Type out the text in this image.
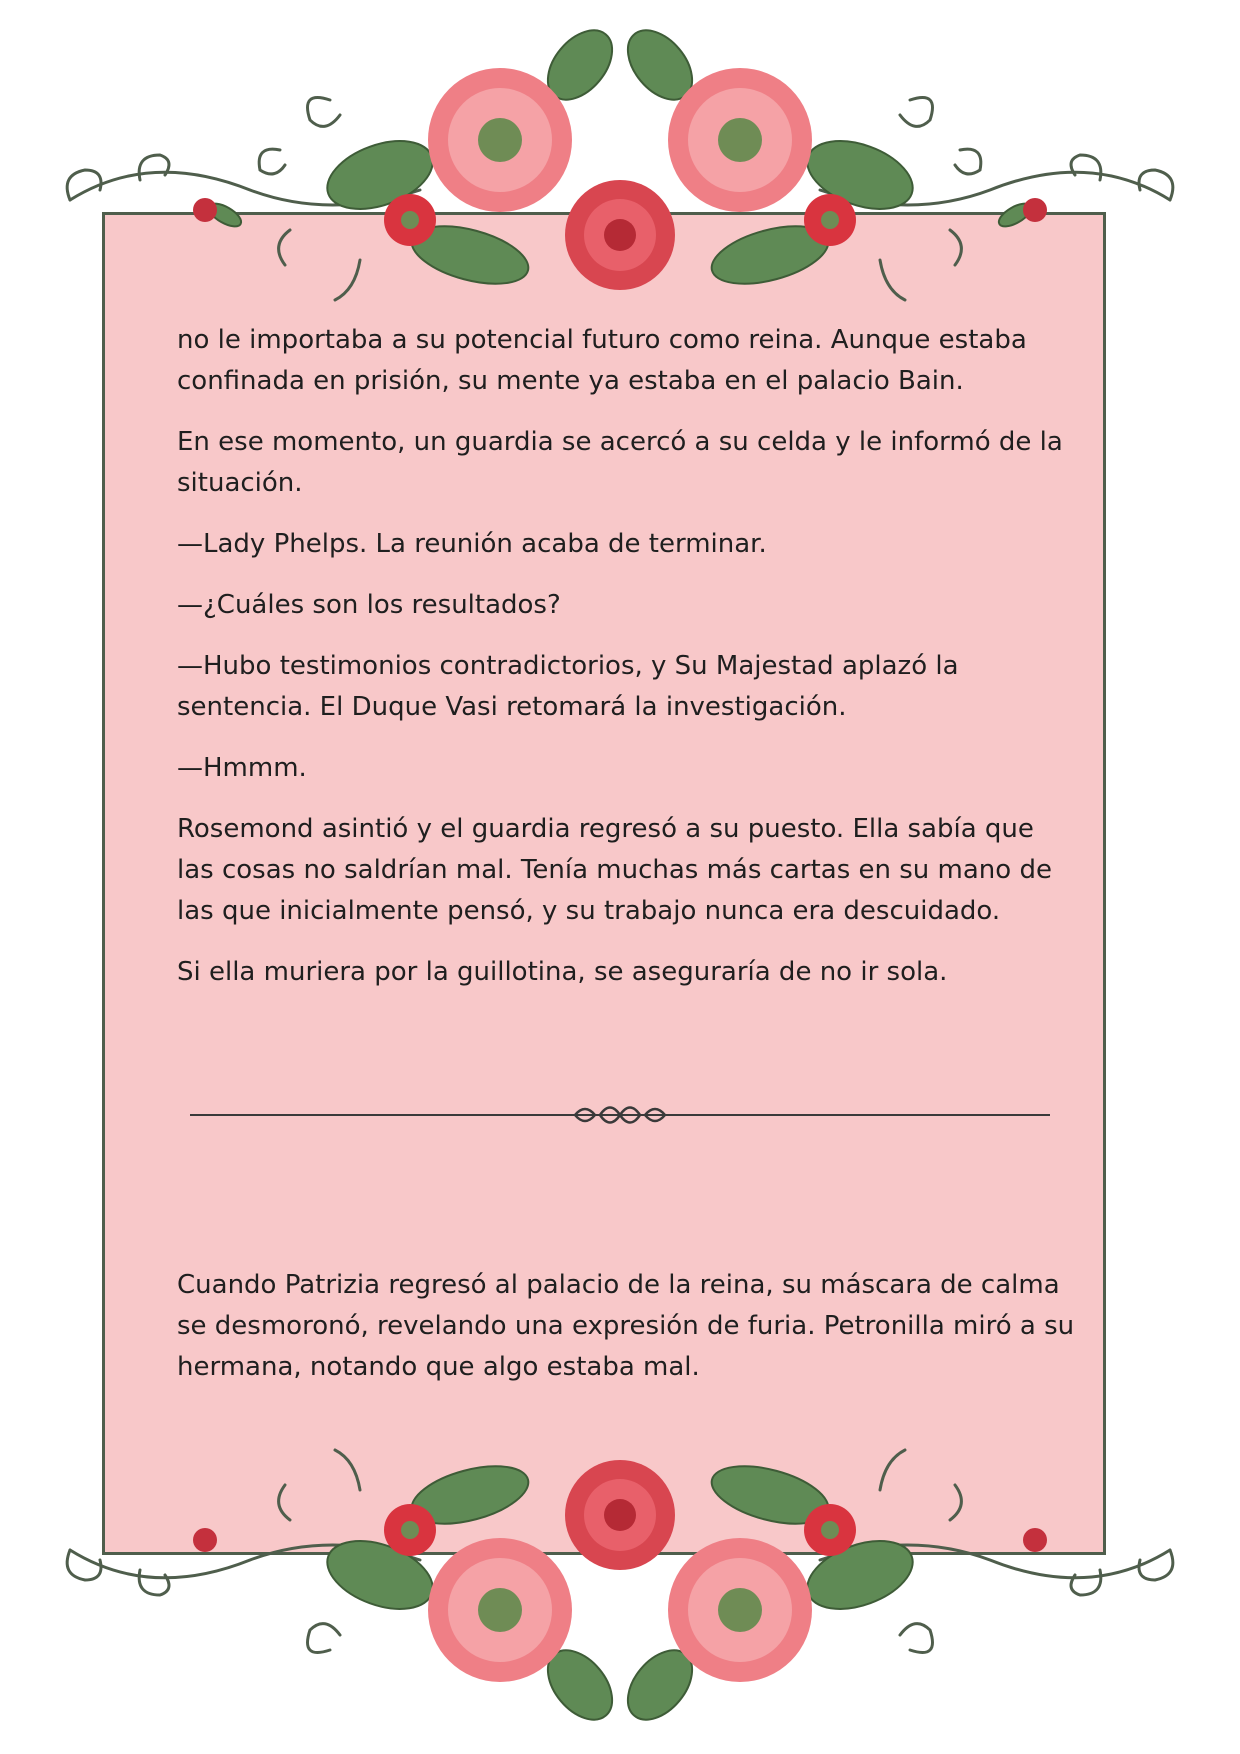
no le importaba a su potencial futuro como reina. Aunque estaba confinada en prisión, su mente ya estaba en el palacio Bain.

En ese momento, un guardia se acercó a su celda y le informó de la situación.

—Lady Phelps. La reunión acaba de terminar.

—¿Cuáles son los resultados?

—Hubo testimonios contradictorios, y Su Majestad aplazó la sentencia. El Duque Vasi retomará la investigación.

—Hmmm.

Rosemond asintió y el guardia regresó a su puesto. Ella sabía que las cosas no saldrían mal. Tenía muchas más cartas en su mano de las que inicialmente pensó, y su trabajo nunca era descuidado.

Si ella muriera por la guillotina, se aseguraría de no ir sola.

Cuando Patrizia regresó al palacio de la reina, su máscara de calma se desmoronó, revelando una expresión de furia. Petronilla miró a su hermana, notando que algo estaba mal.
